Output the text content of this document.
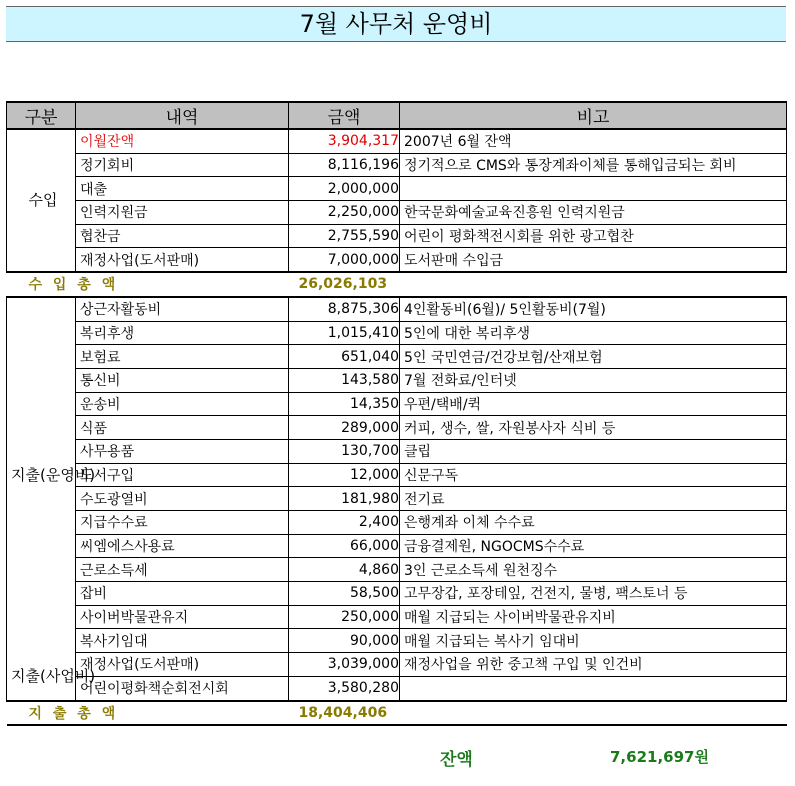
7월 사무처 운영비
구분	내역	금액	비고
수입	이월잔액	3,904,317	2007년 6월 잔액
	정기회비	8,116,196	정기적으로 CMS와 통장계좌이체를 통해입금되는 회비
	대출	2,000,000	
	인력지원금	2,250,000	한국문화예술교육진흥원 인력지원금
	협찬금	2,755,590	어린이 평화책전시회를 위한 광고협찬
	재정사업(도서판매)	7,000,000	도서판매 수입금
수 입 총 액		26,026,103	
지출(운영비)	상근자활동비	8,875,306	4인활동비(6월)/ 5인활동비(7월)
	복리후생	1,015,410	5인에 대한 복리후생
	보험료	651,040	5인 국민연금/건강보험/산재보험
	통신비	143,580	7월 전화료/인터넷
	운송비	14,350	우편/택배/퀵
	식품	289,000	커피, 생수, 쌀, 자원봉사자 식비 등
	사무용품	130,700	클립
	도서구입	12,000	신문구독
	수도광열비	181,980	전기료
	지급수수료	2,400	은행계좌 이체 수수료
	씨엠에스사용료	66,000	금융결제원, NGOCMS수수료
	근로소득세	4,860	3인 근로소득세 원천징수
	잡비	58,500	고무장갑, 포장테잎, 건전지, 물병, 팩스토너 등
	사이버박물관유지	250,000	매월 지급되는 사이버박물관유지비
	복사기임대	90,000	매월 지급되는 복사기 임대비
지출(사업비)	재정사업(도서판매)	3,039,000	재정사업을 위한 중고책 구입 및 인건비
	어린이평화책순회전시회	3,580,280	
지 출 총 액		18,404,406	
잔액	7,621,697원
